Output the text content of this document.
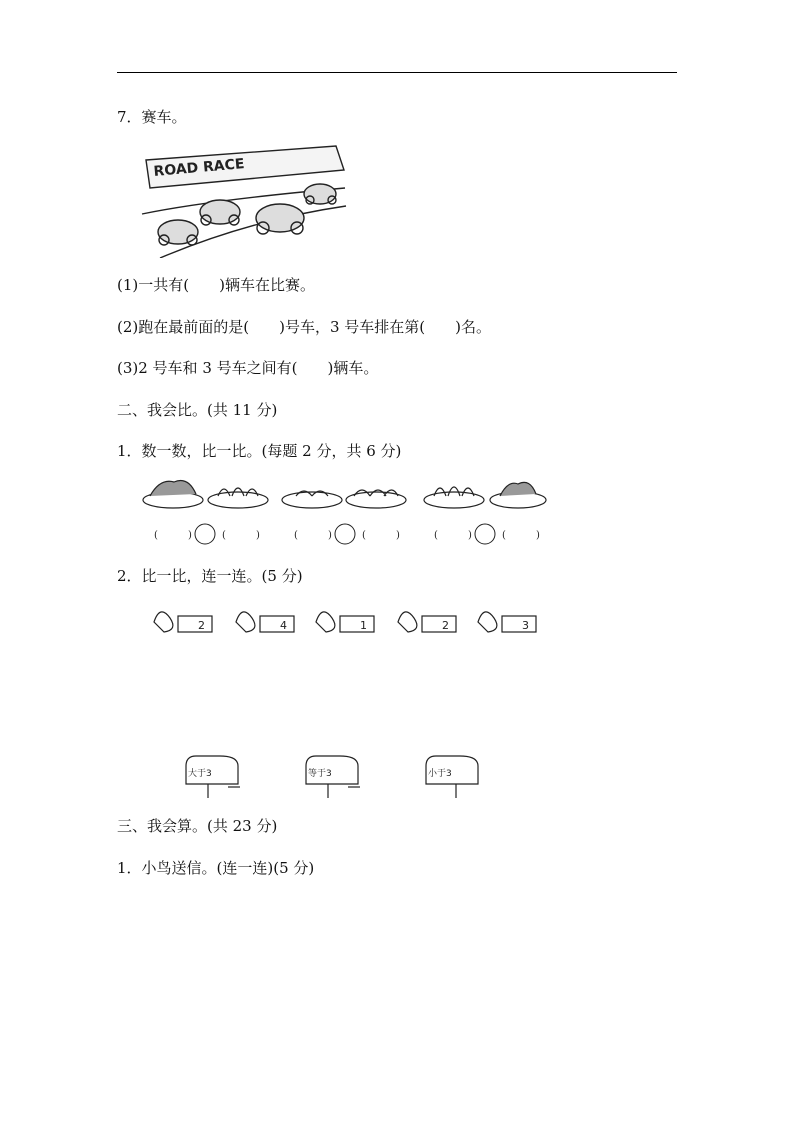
7．赛车。
ROAD RACE
(1)一共有(　　)辆车在比赛。
(2)跑在最前面的是(　　)号车，3 号车排在第(　　)名。
(3)2 号车和 3 号车之间有(　　)辆车。
二、我会比。(共 11 分)
1．数一数，比一比。(每题 2 分，共 6 分)
(	)	(	)	(	)	(	)	(	)	(	)
2．比一比，连一连。(5 分)
2	4	1	2	3
大于3	等于3	小于3
三、我会算。(共 23 分)
1．小鸟送信。(连一连)(5 分)
